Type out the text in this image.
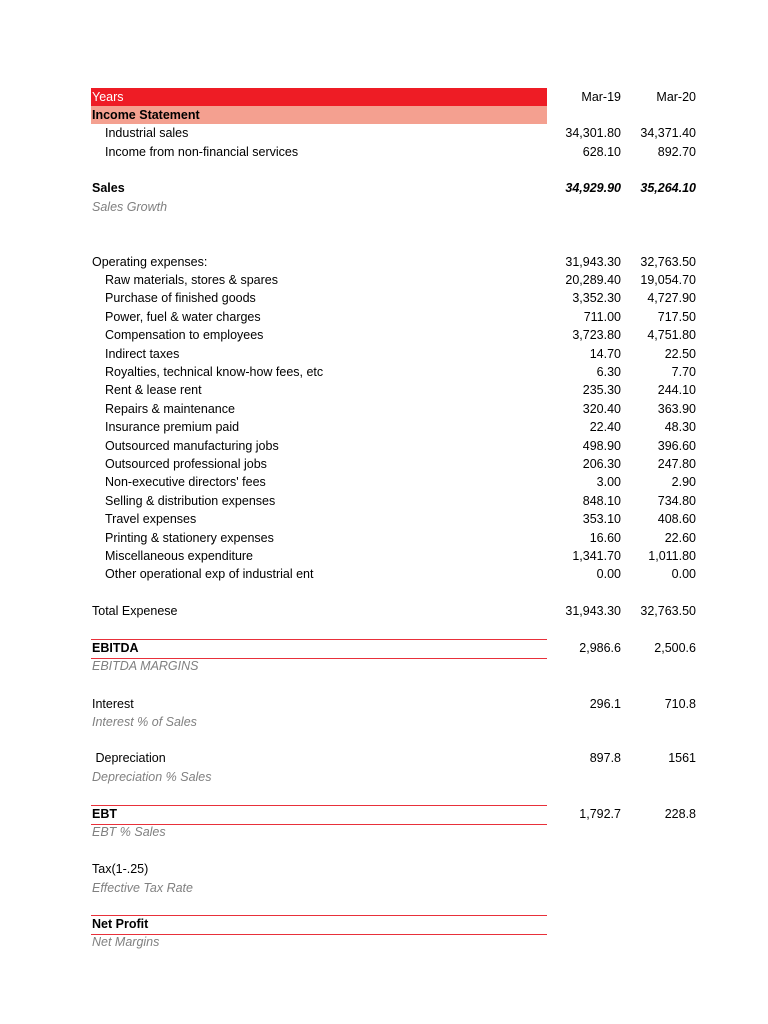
Years	Mar-19	Mar-20
Income Statement
Industrial sales	34,301.80 34,371.40
Income from non-financial services	628.10	892.70
Sales	34,929.90 35,264.10
Sales Growth
Operating expenses:	31,943.30 32,763.50
Raw materials, stores & spares	20,289.40 19,054.70
Purchase of finished goods	3,352.30 4,727.90
Power, fuel & water charges	711.00	717.50
Compensation to employees	3,723.80 4,751.80
Indirect taxes	14.70	22.50
Royalties, technical know-how fees, etc	6.30	7.70
Rent & lease rent	235.30	244.10
Repairs & maintenance	320.40	363.90
Insurance premium paid	22.40	48.30
Outsourced manufacturing jobs	498.90	396.60
Outsourced professional jobs	206.30	247.80
Non-executive directors' fees	3.00	2.90
Selling & distribution expenses	848.10	734.80
Travel expenses	353.10	408.60
Printing & stationery expenses	16.60	22.60
Miscellaneous expenditure	1,341.70 1,011.80
Other operational exp of industrial ent	0.00	0.00
Total Expenese	31,943.30 32,763.50
EBITDA	2,986.6	2,500.6
EBITDA MARGINS
Interest	296.1	710.8
Interest % of Sales
Depreciation	897.8	1561
Depreciation % Sales
EBT	1,792.7	228.8
EBT % Sales
Tax(1-.25)
Effective Tax Rate
Net Profit
Net Margins
